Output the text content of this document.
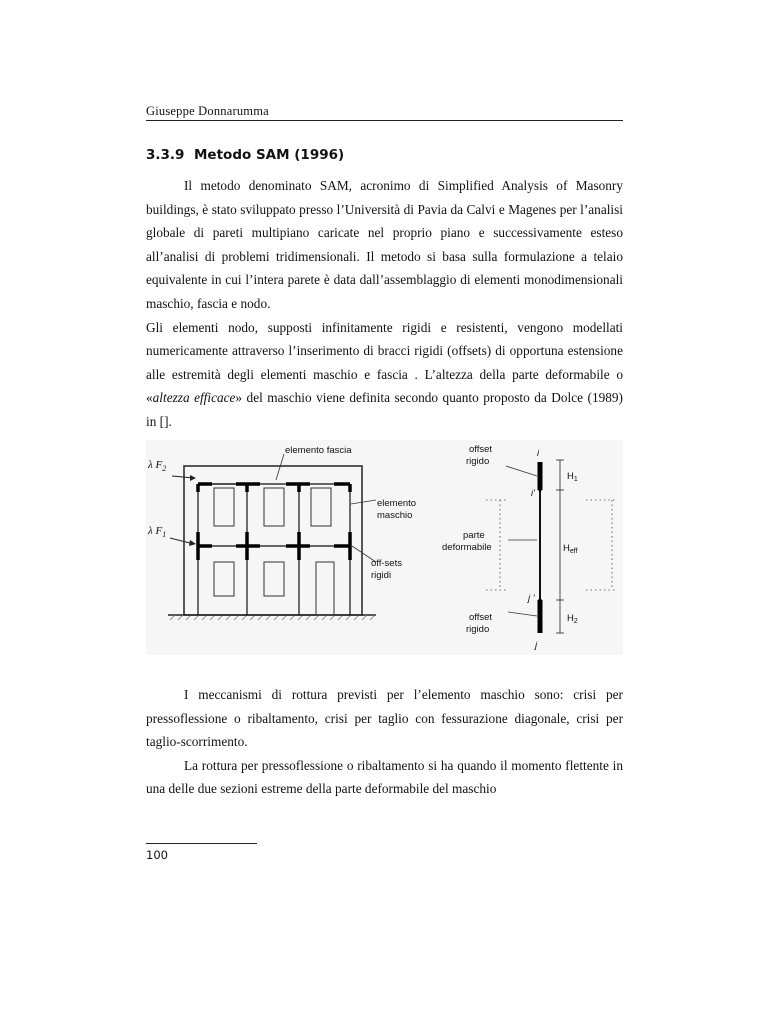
Giuseppe Donnarumma
3.3.9 Metodo SAM (1996)

Il metodo denominato SAM, acronimo di Simplified Analysis of Masonry buildings, è stato sviluppato presso l’Università di Pavia da Calvi e Magenes per l’analisi globale di pareti multipiano caricate nel proprio piano e successivamente esteso all’analisi di problemi tridimensionali. Il metodo si basa sulla formulazione a telaio equivalente in cui l’intera parete è data dall’assemblaggio di elementi monodimensionali maschio, fascia e nodo.

Gli elementi nodo, supposti infinitamente rigidi e resistenti, vengono modellati numericamente attraverso l’inserimento di bracci rigidi (offsets) di opportuna estensione alle estremità degli elementi maschio e fascia . L’altezza della parte deformabile o «altezza efficace» del maschio viene definita secondo quanto proposto da Dolce (1989) in [].

λ $F_2$
λ $F_1$
elemento fascia
elemento
maschio
off-sets
rigidi
i
i'
j '
j
offset
rigido
parte
deformabile
offset
rigido
$H_1$
$H_{eff}$
$H_2$

I meccanismi di rottura previsti per l’elemento maschio sono: crisi per pressoflessione o ribaltamento, crisi per taglio con fessurazione diagonale, crisi per taglio-scorrimento.

La rottura per pressoflessione o ribaltamento si ha quando il momento flettente in una delle due sezioni estreme della parte deformabile del maschio

100
